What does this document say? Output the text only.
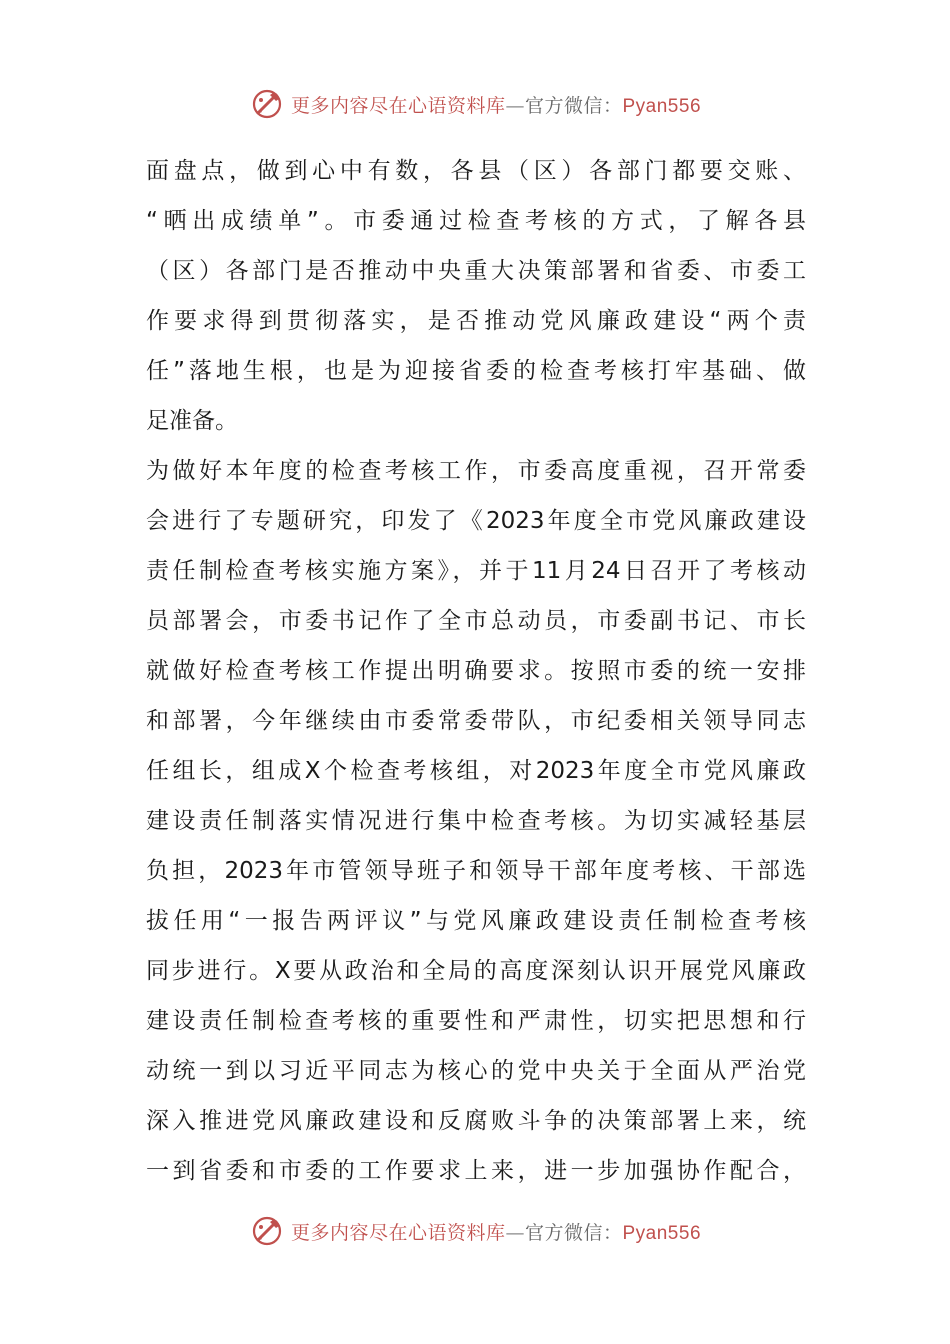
更多内容尽在心语资料库—官方微信：Pyan556
面盘点，做到心中有数，各县（区）各部门都要交账、
“晒出成绩单”。市委通过检查考核的方式，了解各县
（区）各部门是否推动中央重大决策部署和省委、市委工
作要求得到贯彻落实，是否推动党风廉政建设“两个责
任”落地生根，也是为迎接省委的检查考核打牢基础、做
足准备。
为做好本年度的检查考核工作，市委高度重视，召开常委
会进行了专题研究，印发了《2023年度全市党风廉政建设
责任制检查考核实施方案》，并于11月24日召开了考核动
员部署会，市委书记作了全市总动员，市委副书记、市长
就做好检查考核工作提出明确要求。按照市委的统一安排
和部署，今年继续由市委常委带队，市纪委相关领导同志
任组长，组成X个检查考核组，对2023年度全市党风廉政
建设责任制落实情况进行集中检查考核。为切实减轻基层
负担，2023年市管领导班子和领导干部年度考核、干部选
拔任用“一报告两评议”与党风廉政建设责任制检查考核
同步进行。X要从政治和全局的高度深刻认识开展党风廉政
建设责任制检查考核的重要性和严肃性，切实把思想和行
动统一到以习近平同志为核心的党中央关于全面从严治党
深入推进党风廉政建设和反腐败斗争的决策部署上来，统
一到省委和市委的工作要求上来，进一步加强协作配合，
更多内容尽在心语资料库—官方微信：Pyan556
